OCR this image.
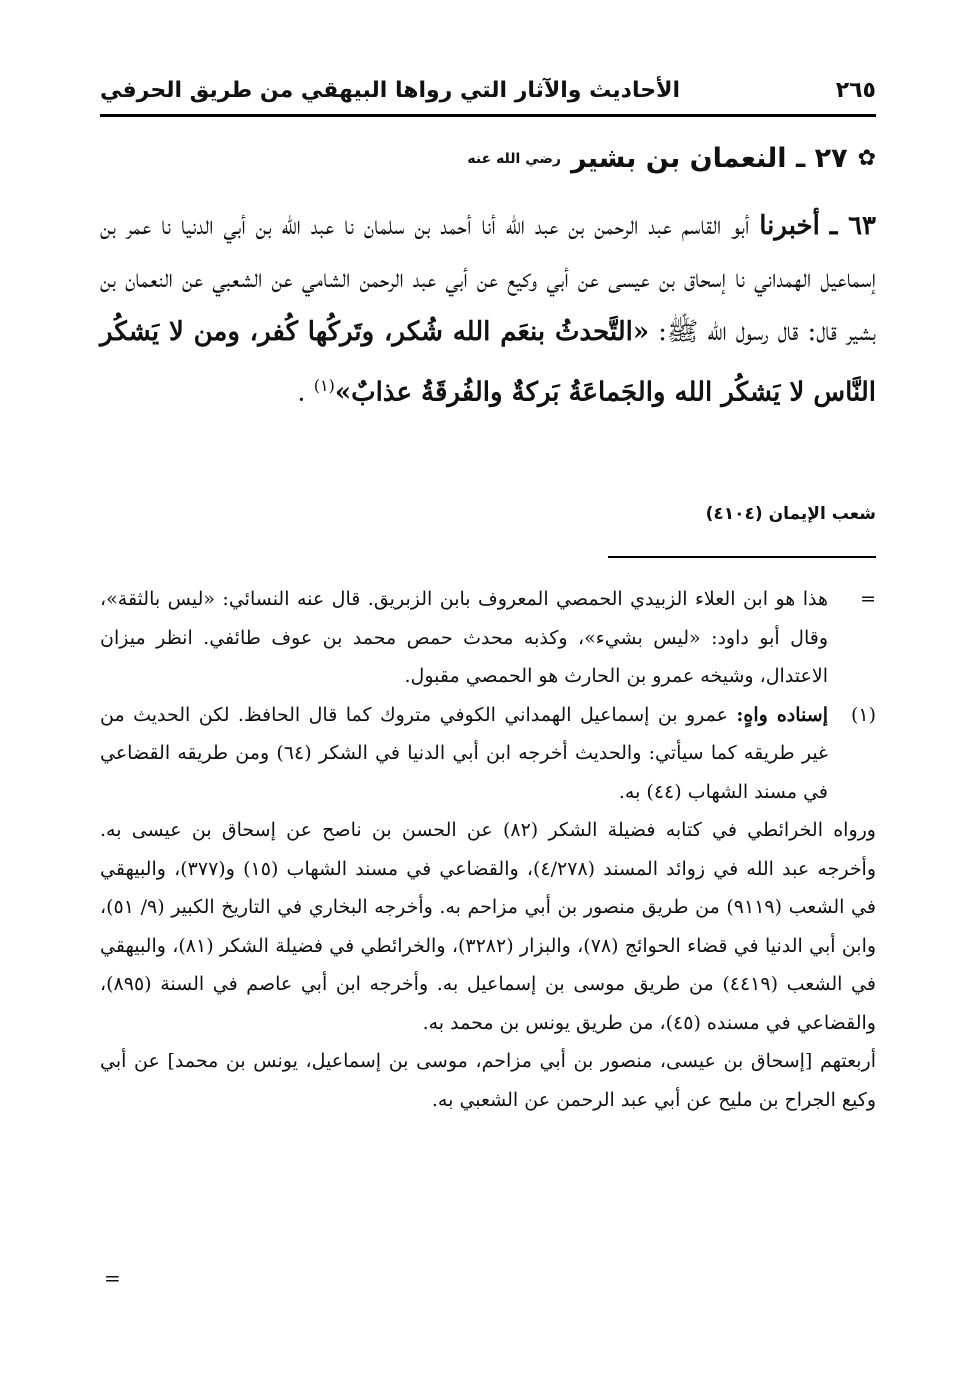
الأحاديث والآثار التي رواها البيهقي من طريق الحرفي	٢٦٥
✿
٢٧ ـ النعمان بن بشير
رضي الله عنه
٦٣ ـ أخبرنا أبو القاسم عبد الرحمن بن عبد الله أنا أحمد بن سلمان نا عبد الله بن أبي الدنيا نا عمر بن إسماعيل الهمداني نا إسحاق بن عيسى عن أبي وكيع عن أبي عبد الرحمن الشامي عن الشعبي عن النعمان بن بشير قال: قال رسول الله ﷺ: «التَّحدثُ بنعَم الله شُكر، وتَركُها كُفر، ومن لا يَشكُر النَّاس لا يَشكُر الله والجَماعَةُ بَركةٌ والفُرقَةُ عذابٌ»$^{(١)}$ .
شعب الإيمان (٤١٠٤)

=
هذا هو ابن العلاء الزبيدي الحمصي المعروف بابن الزبريق. قال عنه النسائي: «ليس بالثقة»، وقال أبو داود: «ليس بشيء»، وكذبه محدث حمص محمد بن عوف طائفي. انظر ميزان الاعتدال، وشيخه عمرو بن الحارث هو الحمصي مقبول.

(١)
إسناده واهٍ: عمرو بن إسماعيل الهمداني الكوفي متروك كما قال الحافظ. لكن الحديث من غير طريقه كما سيأتي: والحديث أخرجه ابن أبي الدنيا في الشكر (٦٤) ومن طريقه القضاعي في مسند الشهاب (٤٤) به.

ورواه الخرائطي في كتابه فضيلة الشكر (٨٢) عن الحسن بن ناصح عن إسحاق بن عيسى به. وأخرجه عبد الله في زوائد المسند (٤/٢٧٨)، والقضاعي في مسند الشهاب (١٥) و(٣٧٧)، والبيهقي في الشعب (٩١١٩) من طريق منصور بن أبي مزاحم به. وأخرجه البخاري في التاريخ الكبير (٩/ ٥١)، وابن أبي الدنيا في قضاء الحوائج (٧٨)، والبزار (٣٢٨٢)، والخرائطي في فضيلة الشكر (٨١)، والبيهقي في الشعب (٤٤١٩) من طريق موسى بن إسماعيل به. وأخرجه ابن أبي عاصم في السنة (٨٩٥)، والقضاعي في مسنده (٤٥)، من طريق يونس بن محمد به.

أربعتهم [إسحاق بن عيسى، منصور بن أبي مزاحم، موسى بن إسماعيل، يونس بن محمد] عن أبي وكيع الجراح بن مليح عن أبي عبد الرحمن عن الشعبي به.

=
